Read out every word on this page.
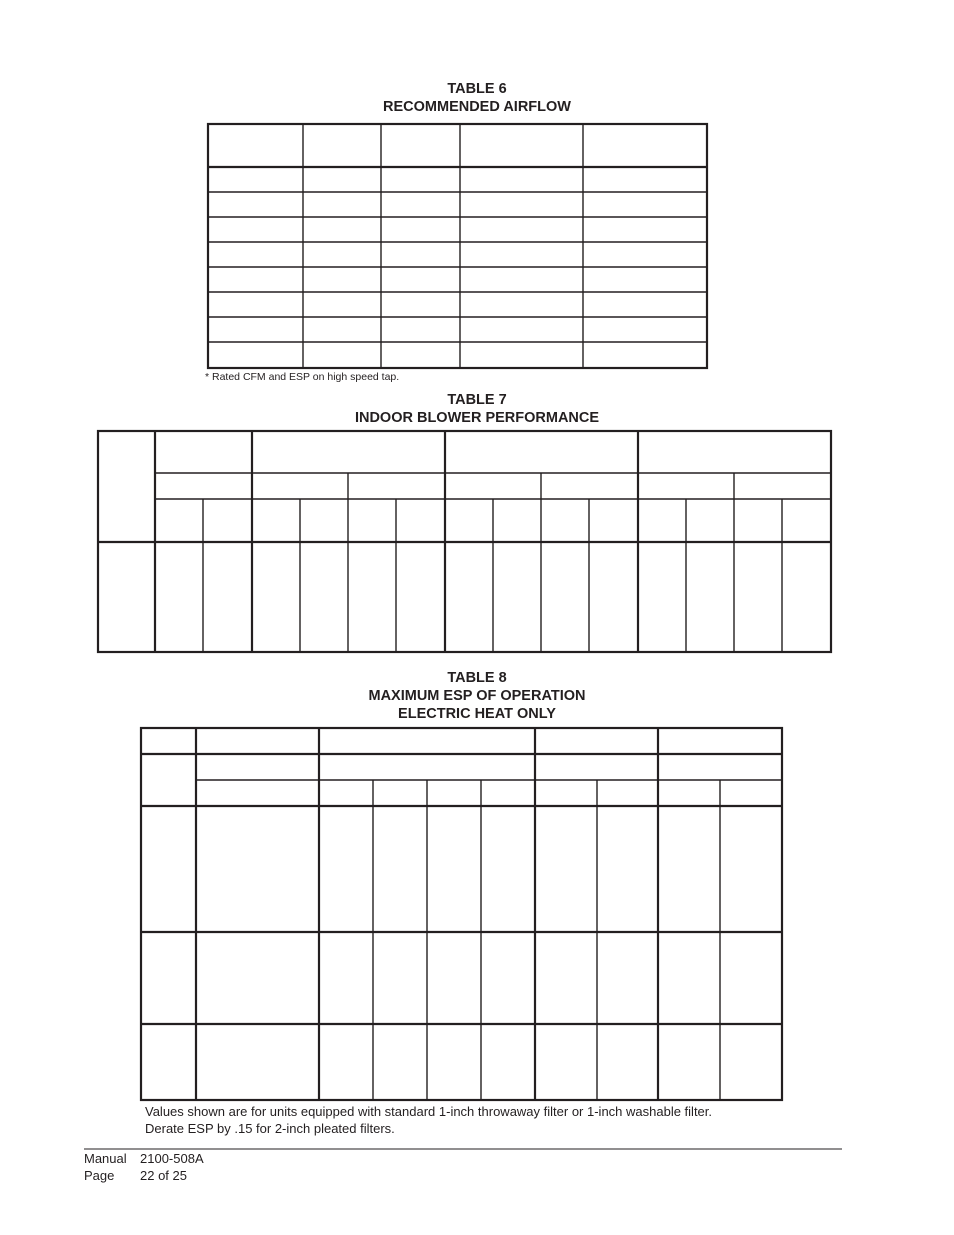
TABLE 6
RECOMMENDED AIRFLOW
* Rated CFM and ESP on high speed tap.
TABLE 7
INDOOR BLOWER PERFORMANCE
TABLE 8
MAXIMUM ESP OF OPERATION
ELECTRIC HEAT ONLY
Values shown are for units equipped with standard 1-inch throwaway filter or 1-inch washable filter.
Derate ESP by .15 for 2-inch pleated filters.
Manual 2100-508A
Page 22 of 25
